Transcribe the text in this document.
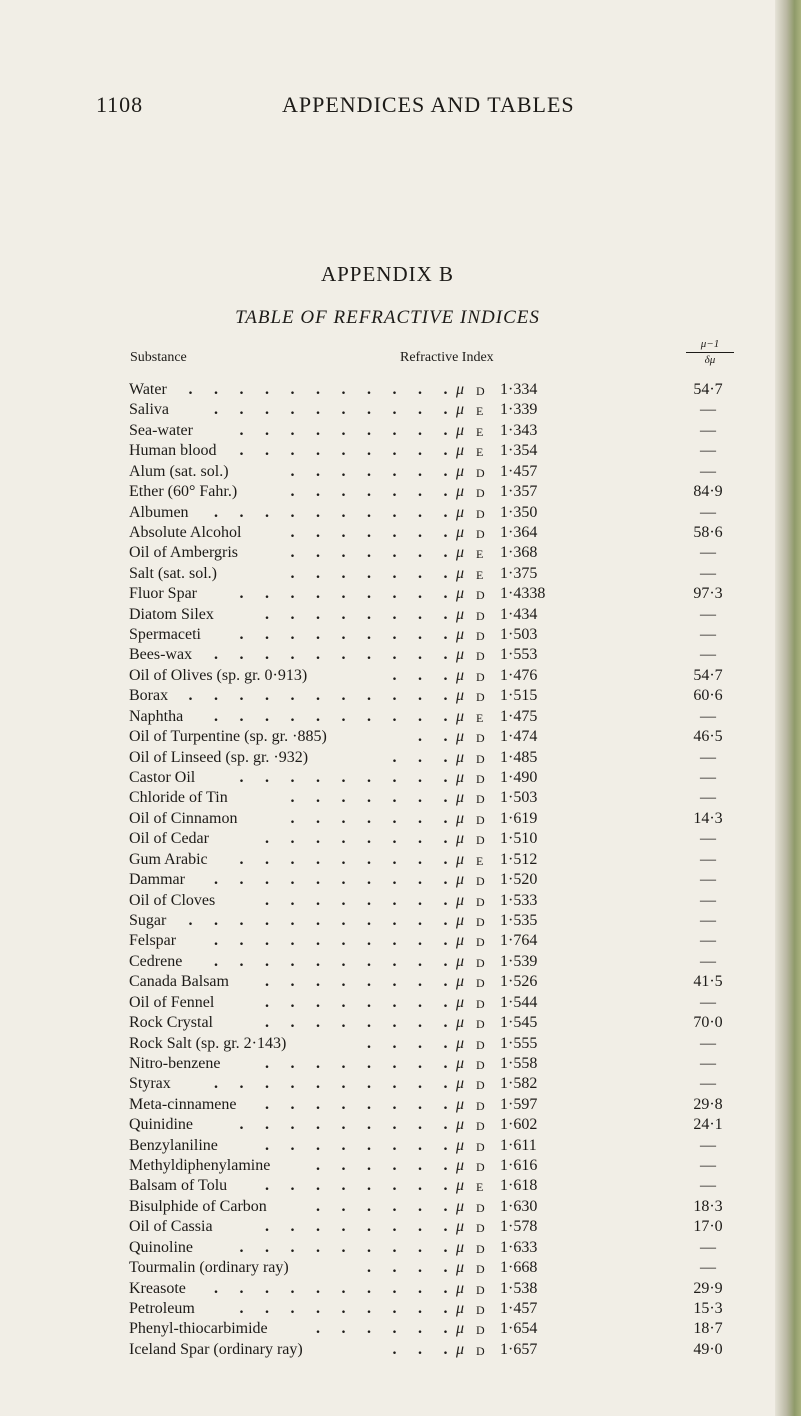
1108	APPENDICES AND TABLES
APPENDIX B
TABLE OF REFRACTIVE INDICES
Substance	Refractive Index	$\frac{\mu-1}{\delta\mu}$
Water . . . . . . . . . . . μ D 1·334	54·7
Saliva	. . . . . . . . . . μ E 1·339	—
Sea-water	. . . . . . . . . μ E 1·343	—
Human blood . . . . . . . . . μ E 1·354	—
Alum (sat. sol.)	. . . . . . . μ D 1·457	—
Ether (60° Fahr.)	. . . . . . . μ D 1·357	84·9
Albumen . . . . . . . . . . μ D 1·350	—
Absolute Alcohol	. . . . . . . μ D 1·364	58·6
Oil of Ambergris	. . . . . . . μ E 1·368	—
Salt (sat. sol.)	. . . . . . . μ E 1·375	—
Fluor Spar	. . . . . . . . . μ D 1·4338	97·3
Diatom Silex	. . . . . . . . μ D 1·434	—
Spermaceti . . . . . . . . . μ D 1·503	—
Bees-wax . . . . . . . . . . μ D 1·553	—
Oil of Olives (sp. gr. 0·913)	. . . μ D 1·476	54·7
Borax . . . . . . . . . . . μ D 1·515	60·6
Naphtha . . . . . . . . . . μ E 1·475	—
Oil of Turpentine (sp. gr. ·885)	. . μ D 1·474	46·5
Oil of Linseed (sp. gr. ·932)	. . . μ D 1·485	—
Castor Oil	. . . . . . . . . μ D 1·490	—
Chloride of Tin	. . . . . . . μ D 1·503	—
Oil of Cinnamon	. . . . . . . μ D 1·619	14·3
Oil of Cedar	. . . . . . . . μ D 1·510	—
Gum Arabic . . . . . . . . . μ E 1·512	—
Dammar . . . . . . . . . . μ D 1·520	—
Oil of Cloves	. . . . . . . . μ D 1·533	—
Sugar . . . . . . . . . . . μ D 1·535	—
Felspar . . . . . . . . . . μ D 1·764	—
Cedrene . . . . . . . . . . μ D 1·539	—
Canada Balsam . . . . . . . . μ D 1·526	41·5
Oil of Fennel	. . . . . . . . μ D 1·544	—
Rock Crystal	. . . . . . . . μ D 1·545	70·0
Rock Salt (sp. gr. 2·143)	. . . . μ D 1·555	—
Nitro-benzene	. . . . . . . . μ D 1·558	—
Styrax	. . . . . . . . . . μ D 1·582	—
Meta-cinnamene . . . . . . . . μ D 1·597	29·8
Quinidine	. . . . . . . . . μ D 1·602	24·1
Benzylaniline	. . . . . . . . μ D 1·611	—
Methyldiphenylamine	. . . . . . μ D 1·616	—
Balsam of Tolu . . . . . . . . μ E 1·618	—
Bisulphide of Carbon	. . . . . . μ D 1·630	18·3
Oil of Cassia	. . . . . . . . μ D 1·578	17·0
Quinoline	. . . . . . . . . μ D 1·633	—
Tourmalin (ordinary ray)	. . . . μ D 1·668	—
Kreasote . . . . . . . . . . μ D 1·538	29·9
Petroleum	. . . . . . . . . μ D 1·457	15·3
Phenyl-thiocarbimide	. . . . . . μ D 1·654	18·7
Iceland Spar (ordinary ray)	. . . μ D 1·657	49·0
